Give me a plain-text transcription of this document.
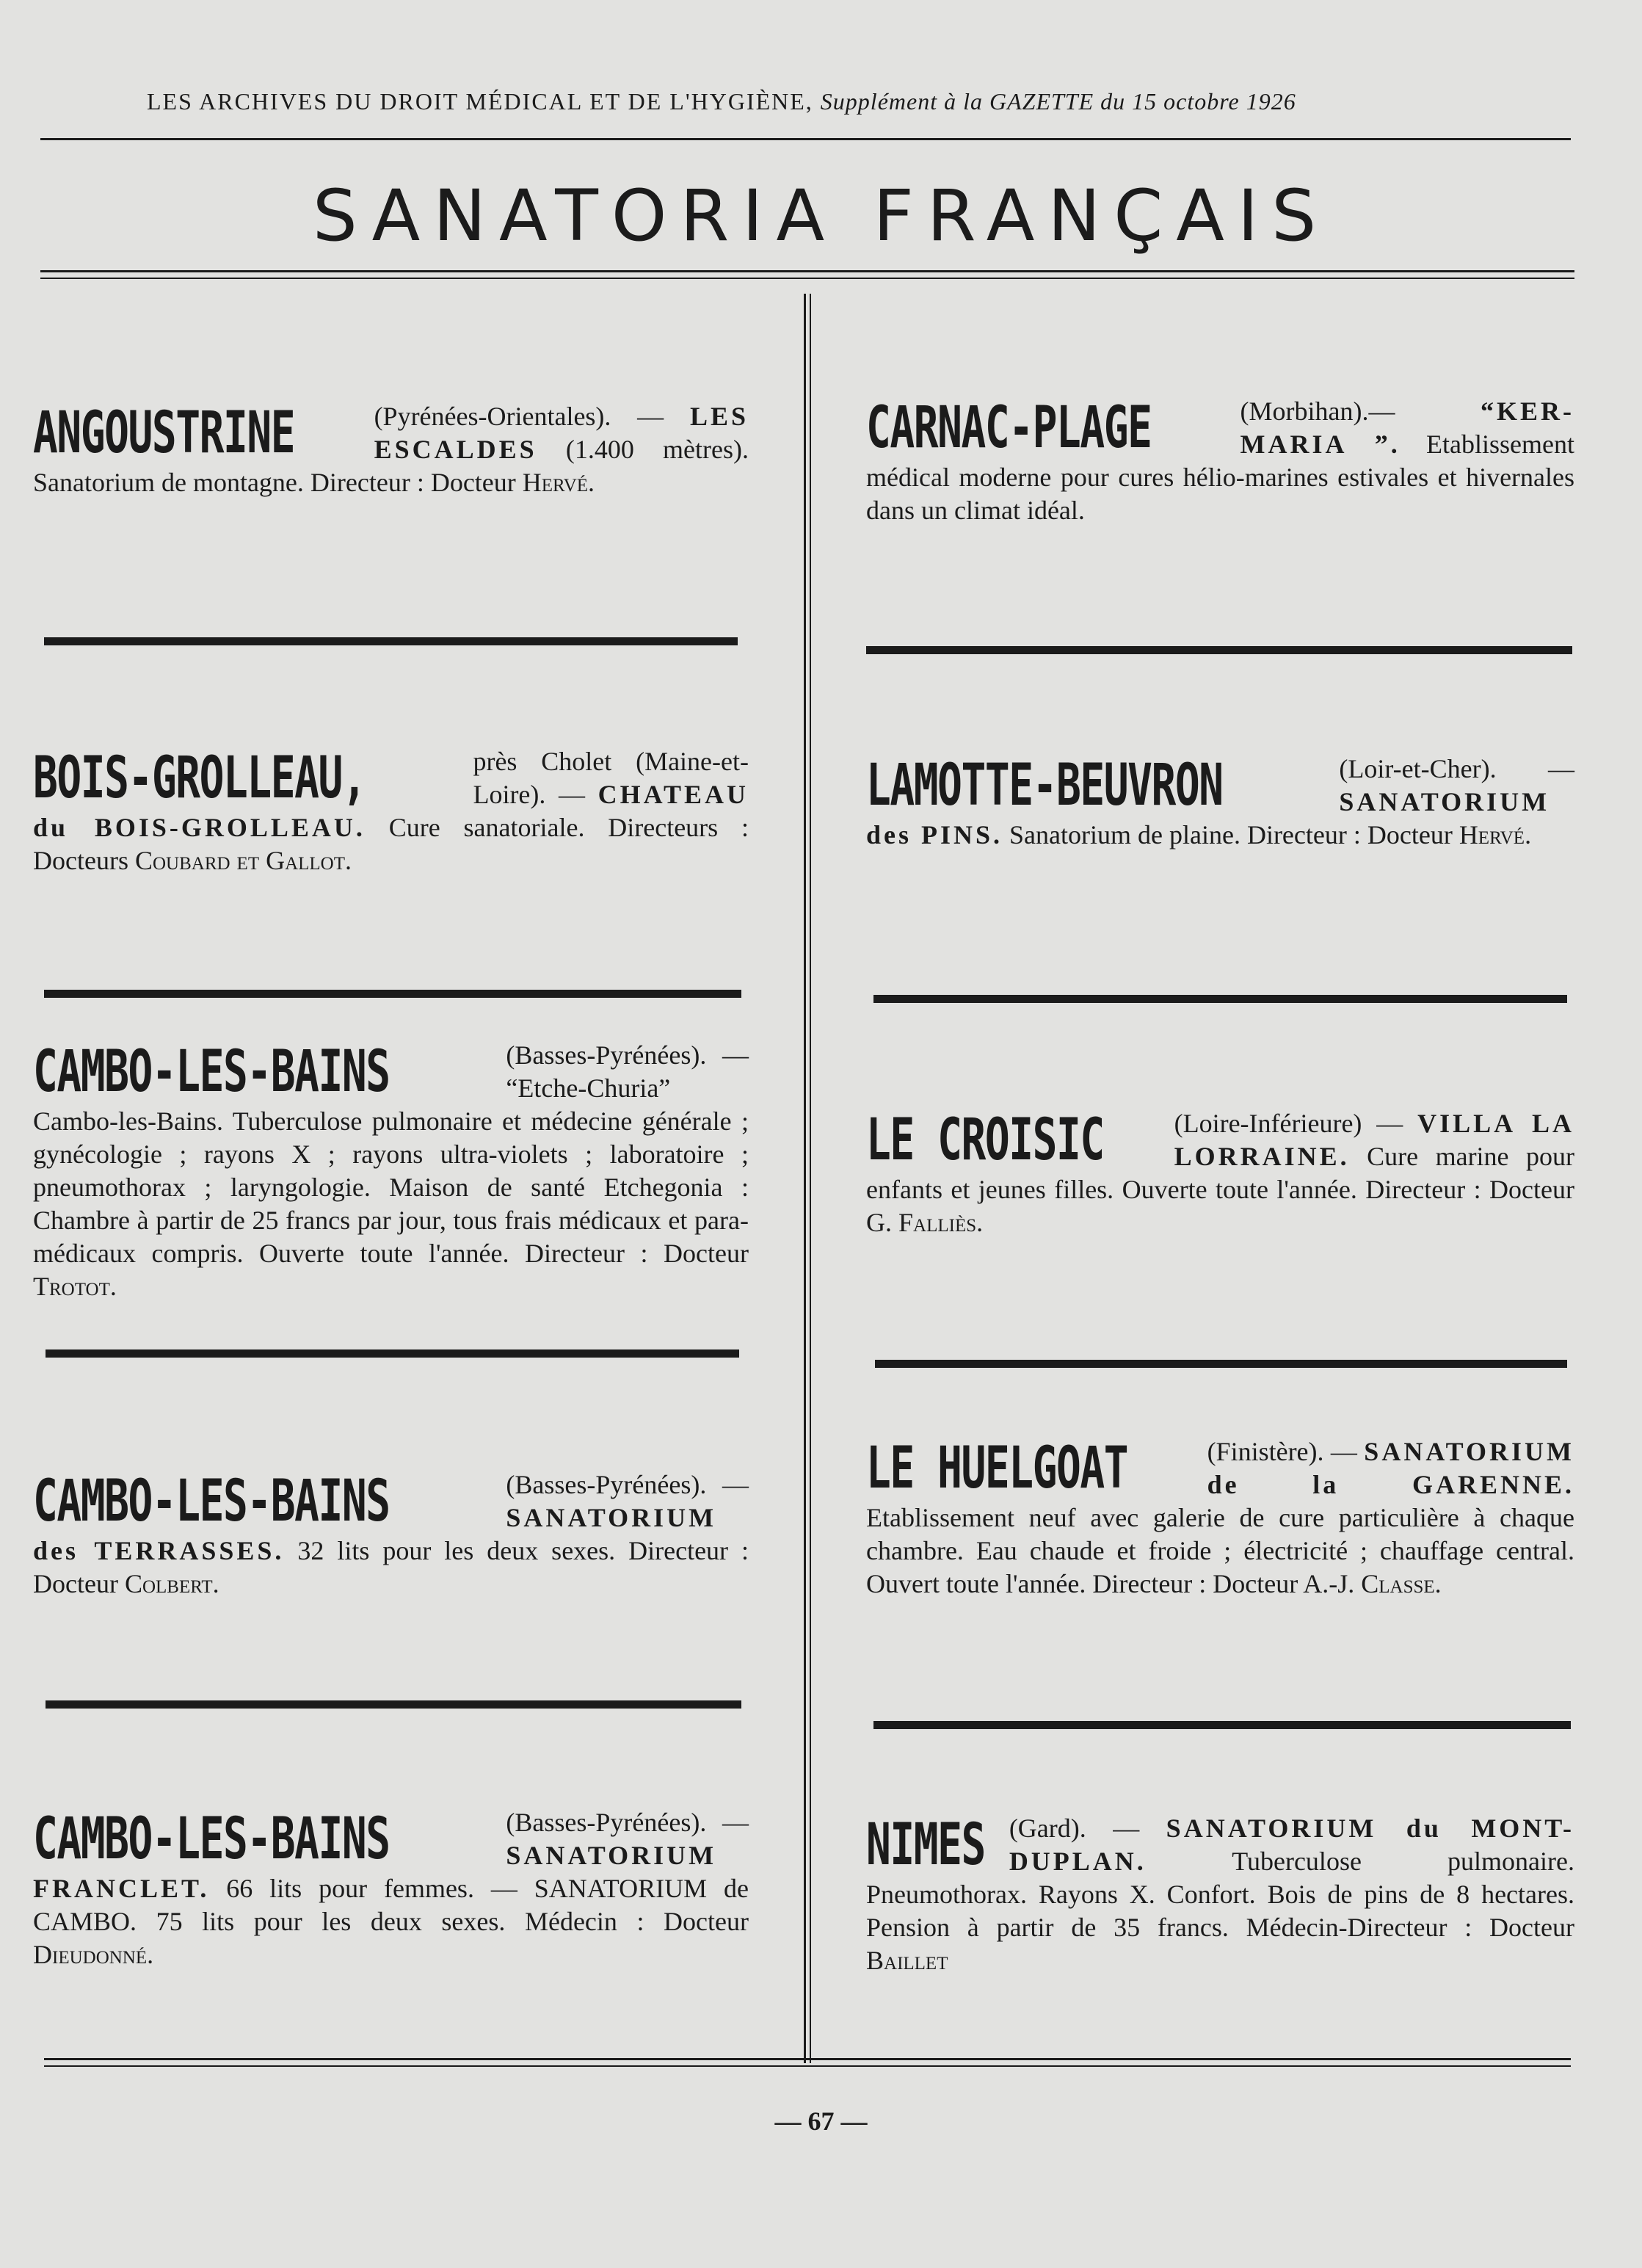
LES ARCHIVES DU DROIT MÉDICAL ET DE L'HYGIÈNE, Supplément à la GAZETTE du 15 octobre 1926
SANATORIA FRANÇAIS
ANGOUSTRINE	(Pyrénées-Orientales). — LES ESCALDES (1.400 mètres). Sanatorium de montagne. Directeur : Docteur Hervé.
BOIS-GROLLEAU,	près Cholet (Maine-et-Loire). — CHATEAU du BOIS-GROLLEAU. Cure sanatoriale. Directeurs : Docteurs Coubard et Gallot.
CAMBO-LES-BAINS	(Basses-Pyrénées). — “Etche-Churia” Cambo-les-Bains. Tuberculose pulmonaire et médecine générale ; gynécologie ; rayons X ; rayons ultra-violets ; laboratoire ; pneumothorax ; laryngologie. Maison de santé Etchegonia : Chambre à partir de 25 francs par jour, tous frais médicaux et para-médicaux compris. Ouverte toute l'année. Directeur : Docteur Trotot.
CAMBO-LES-BAINS	(Basses-Pyrénées). — SANATORIUM des TERRASSES. 32 lits pour les deux sexes. Directeur : Docteur Colbert.
CAMBO-LES-BAINS	(Basses-Pyrénées). — SANATORIUM FRANCLET. 66 lits pour femmes. — SANATORIUM de CAMBO. 75 lits pour les deux sexes. Médecin : Docteur Dieudonné.
CARNAC-PLAGE	(Morbihan).—	“KER-MARIA ”. Etablissement médical moderne pour cures hélio-marines estivales et hivernales dans un climat idéal.
LAMOTTE-BEUVRON	(Loir-et-Cher). — SANATORIUM des PINS. Sanatorium de plaine. Directeur : Docteur Hervé.
LE CROISIC	(Loire-Inférieure) — VILLA LA LORRAINE. Cure marine pour enfants et jeunes filles. Ouverte toute l'année. Directeur : Docteur G. Falliès.
LE HUELGOAT	(Finistère). — SANATORIUM de la GARENNE. Etablissement neuf avec galerie de cure particulière à chaque chambre. Eau chaude et froide ; électricité ; chauffage central. Ouvert toute l'année. Directeur : Docteur A.-J. Classe.
NIMES (Gard). — SANATORIUM du MONT-DUPLAN.	Tuberculose pulmonaire. Pneumothorax. Rayons X. Confort. Bois de pins de 8 hectares. Pension à partir de 35 francs. Médecin-Directeur : Docteur Baillet
— 67 —
